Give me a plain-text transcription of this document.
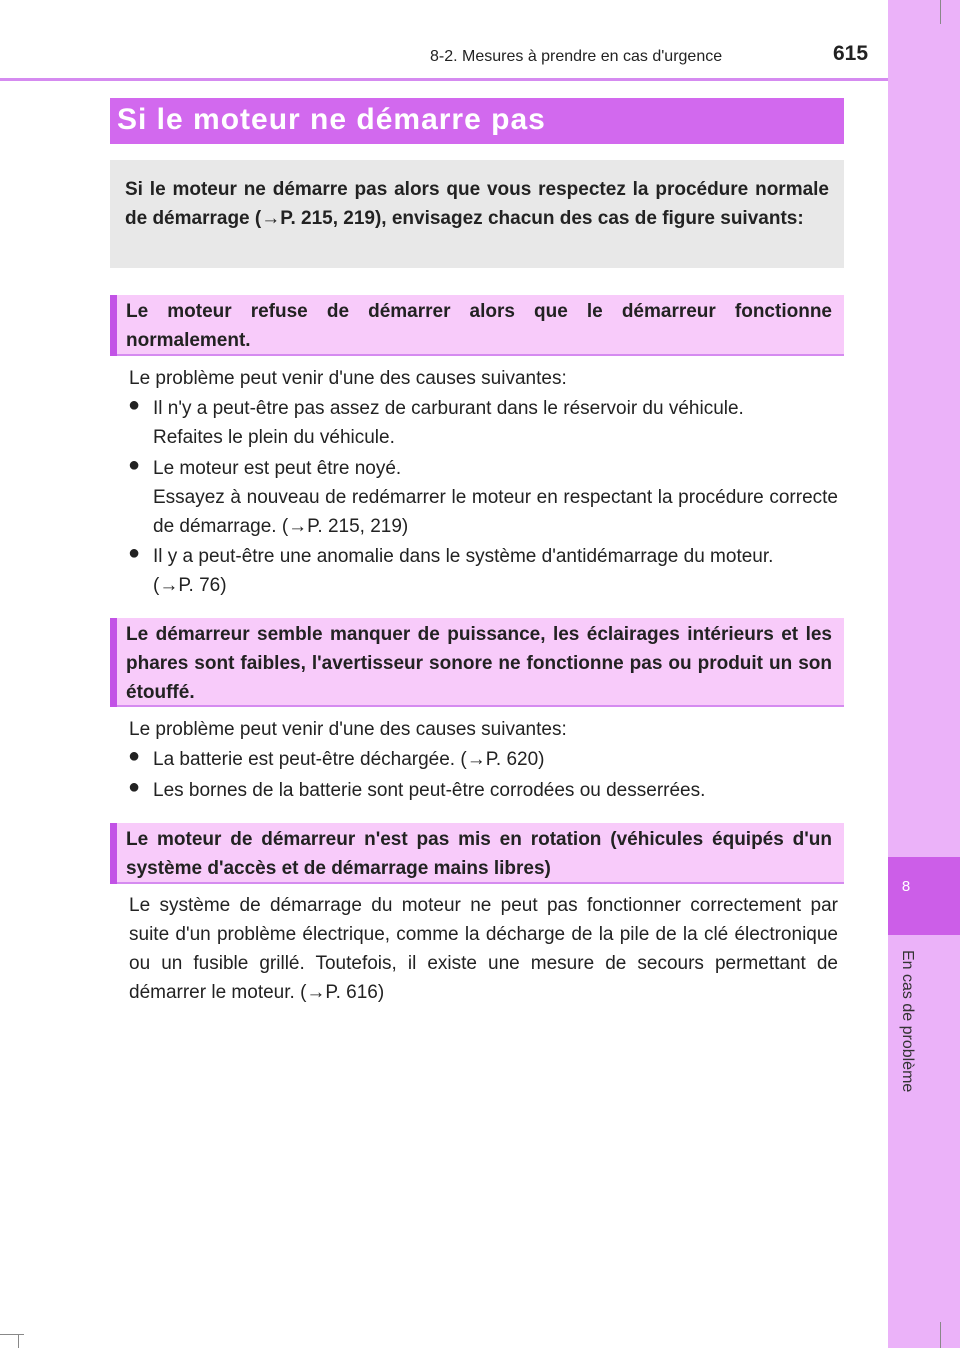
8
En cas de problème
8-2. Mesures à prendre en cas d'urgence	615
Si le moteur ne démarre pas
Si le moteur ne démarre pas alors que vous respectez la procédure normale de démarrage (→P. 215, 219), envisagez chacun des cas de figure suivants:
Le moteur refuse de démarrer alors que le démarreur fonctionne normalement.
Le problème peut venir d'une des causes suivantes:
● Il n'y a peut-être pas assez de carburant dans le réservoir du véhicule.
Refaites le plein du véhicule.
● Le moteur est peut être noyé.
Essayez à nouveau de redémarrer le moteur en respectant la procédure correcte de démarrage. (→P. 215, 219)
● Il y a peut-être une anomalie dans le système d'antidémarrage du moteur.
(→P. 76)
Le démarreur semble manquer de puissance, les éclairages intérieurs et les phares sont faibles, l'avertisseur sonore ne fonctionne pas ou produit un son étouffé.
Le problème peut venir d'une des causes suivantes:
● La batterie est peut-être déchargée. (→P. 620)
● Les bornes de la batterie sont peut-être corrodées ou desserrées.
Le moteur de démarreur n'est pas mis en rotation (véhicules équipés d'un système d'accès et de démarrage mains libres)
Le système de démarrage du moteur ne peut pas fonctionner correctement par suite d'un problème électrique, comme la décharge de la pile de la clé électronique ou un fusible grillé. Toutefois, il existe une mesure de secours permettant de démarrer le moteur. (→P. 616)
